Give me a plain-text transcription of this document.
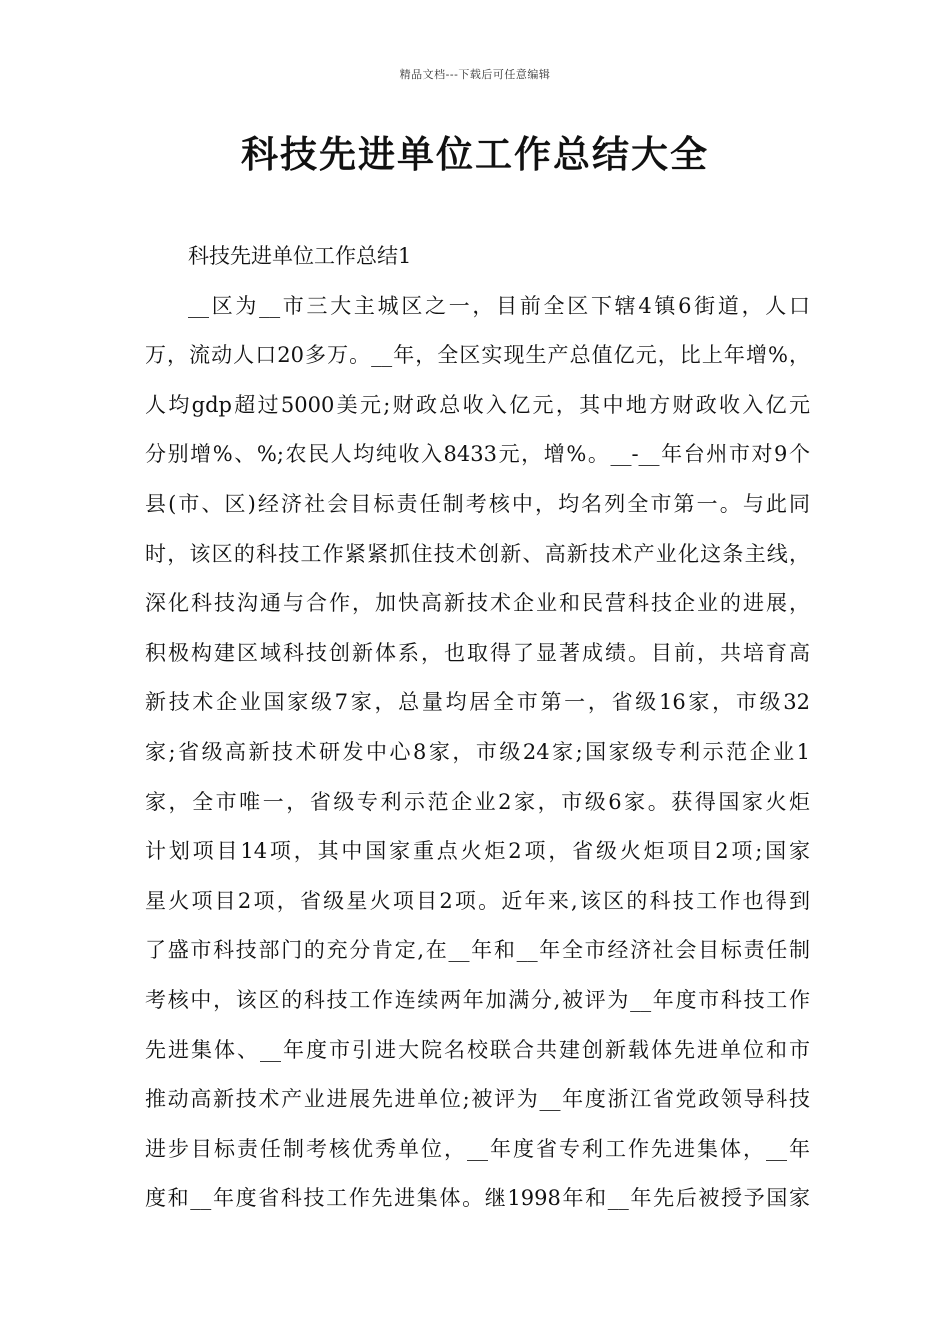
精品文档---下载后可任意编辑
科技先进单位工作总结大全
科技先进单位工作总结1
__区为__市三大主城区之一，目前全区下辖4镇6街道，人口
万，流动人口20多万。__年，全区实现生产总值亿元，比上年增%，
人均gdp超过5000美元;财政总收入亿元，其中地方财政收入亿元
分别增%、%;农民人均纯收入8433元，增%。__-__年台州市对9个
县(市、区)经济社会目标责任制考核中，均名列全市第一。与此同
时，该区的科技工作紧紧抓住技术创新、高新技术产业化这条主线，
深化科技沟通与合作，加快高新技术企业和民营科技企业的进展，
积极构建区域科技创新体系，也取得了显著成绩。目前，共培育高
新技术企业国家级7家，总量均居全市第一，省级16家，市级32
家;省级高新技术研发中心8家，市级24家;国家级专利示范企业1
家，全市唯一，省级专利示范企业2家，市级6家。获得国家火炬
计划项目14项，其中国家重点火炬2项，省级火炬项目2项;国家
星火项目2项，省级星火项目2项。近年来,该区的科技工作也得到
了盛市科技部门的充分肯定,在__年和__年全市经济社会目标责任制
考核中，该区的科技工作连续两年加满分,被评为__年度市科技工作
先进集体、__年度市引进大院名校联合共建创新载体先进单位和市
推动高新技术产业进展先进单位;被评为__年度浙江省党政领导科技
进步目标责任制考核优秀单位，__年度省专利工作先进集体，__年
度和__年度省科技工作先进集体。继1998年和__年先后被授予国家
